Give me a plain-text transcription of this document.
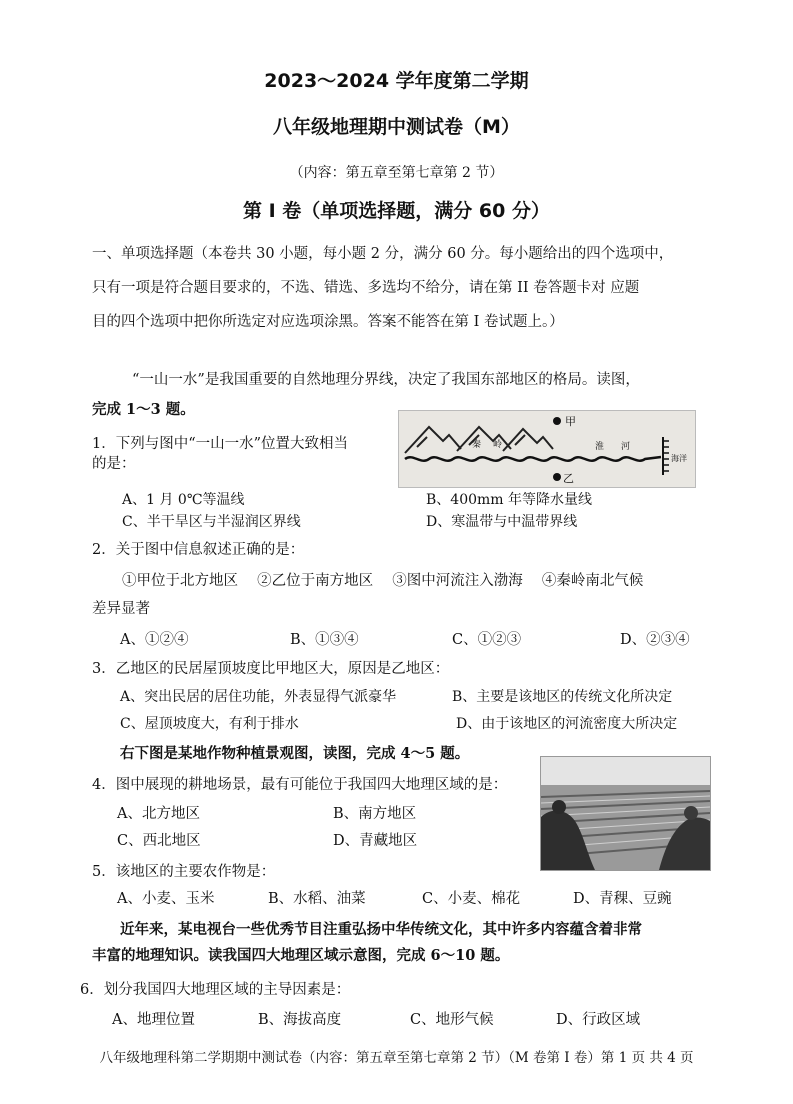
2023～2024 学年度第二学期
八年级地理期中测试卷（M）
（内容：第五章至第七章第 2 节）
第 I 卷（单项选择题，满分 60 分）
一、单项选择题（本卷共 30 小题，每小题 2 分，满分 60 分。每小题给出的四个选项中，
只有一项是符合题目要求的，不选、错选、多选均不给分，请在第 II 卷答题卡对 应题
目的四个选项中把你所选定对应选项涂黑。答案不能答在第 I 卷试题上。）
“一山一水”是我国重要的自然地理分界线，决定了我国东部地区的格局。读图，
完成 1～3 题。
甲
乙
秦 岭	淮 河
海洋
1．下列与图中“一山一水”位置大致相当
的是：
A、1 月 0℃等温线	B、400mm 年等降水量线
C、半干旱区与半湿润区界线	D、寒温带与中温带界线
2．关于图中信息叙述正确的是：
①甲位于北方地区　 ②乙位于南方地区　 ③图中河流注入渤海　 ④秦岭南北气候
差异显著
A、①②④	B、①③④	C、①②③	D、②③④
3．乙地区的民居屋顶坡度比甲地区大，原因是乙地区：
A、突出民居的居住功能，外表显得气派豪华	B、主要是该地区的传统文化所决定
C、屋顶坡度大，有利于排水	D、由于该地区的河流密度大所决定
右下图是某地作物种植景观图，读图，完成 4～5 题。
4．图中展现的耕地场景，最有可能位于我国四大地理区域的是：
A、北方地区	B、南方地区
C、西北地区	D、青藏地区
5．该地区的主要农作物是：
A、小麦、玉米	B、水稻、油菜	C、小麦、棉花	D、青稞、豆豌
近年来，某电视台一些优秀节目注重弘扬中华传统文化，其中许多内容蕴含着非常
丰富的地理知识。读我国四大地理区域示意图，完成 6～10 题。
6．划分我国四大地理区域的主导因素是：
A、地理位置	B、海拔高度	C、地形气候	D、行政区域
八年级地理科第二学期期中测试卷（内容：第五章至第七章第 2 节）（M 卷第 I 卷）第 1 页 共 4 页
